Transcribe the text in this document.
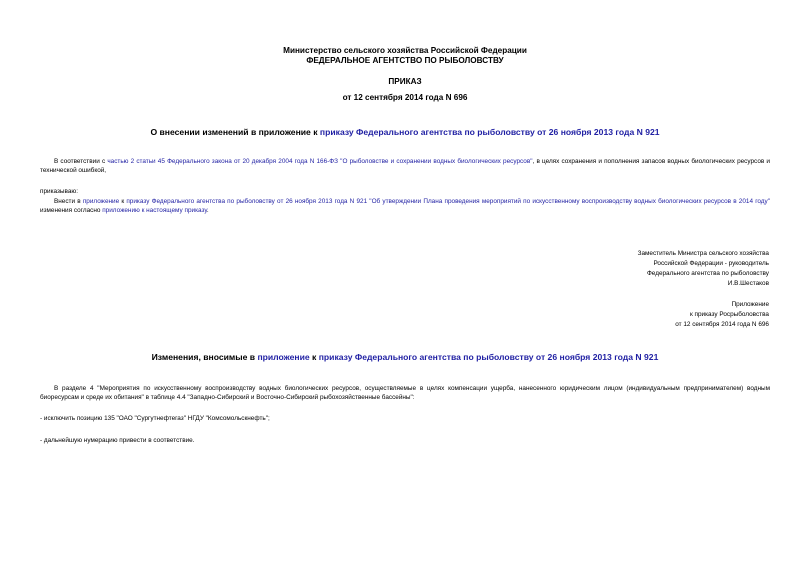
Министерство сельского хозяйства Российской Федерации
ФЕДЕРАЛЬНОЕ АГЕНТСТВО ПО РЫБОЛОВСТВУ
ПРИКАЗ
от 12 сентября 2014 года N 696
О внесении изменений в приложение к приказу Федерального агентства по рыболовству от 26 ноября 2013 года N 921
В соответствии с частью 2 статьи 45 Федерального закона от 20 декабря 2004 года N 166-ФЗ "О рыболовстве и сохранении водных биологических ресурсов", в целях сохранения и пополнения запасов водных биологических ресурсов и технической ошибкой,
приказываю:
Внести в приложение к приказу Федерального агентства по рыболовству от 26 ноября 2013 года N 921 "Об утверждении Плана проведения мероприятий по искусственному воспроизводству водных биологических ресурсов в 2014 году" изменения согласно приложению к настоящему приказу.
Заместитель Министра сельского хозяйства
Российской Федерации - руководитель
Федерального агентства по рыболовству
И.В.Шестаков
Приложение
к приказу Росрыболовства
от 12 сентября 2014 года N 696
Изменения, вносимые в приложение к приказу Федерального агентства по рыболовству от 26 ноября 2013 года N 921
В разделе 4 "Мероприятия по искусственному воспроизводству водных биологических ресурсов, осуществляемые в целях компенсации ущерба, нанесенного юридическим лицом (индивидуальным предпринимателем) водным биоресурсам и среде их обитания" в таблице 4.4 "Западно-Сибирский и Восточно-Сибирский рыбохозяйственные бассейны":
- исключить позицию 135 "ОАО "Сургутнефтегаз" НГДУ "Комсомольскнефть";
- дальнейшую нумерацию привести в соответствие.
